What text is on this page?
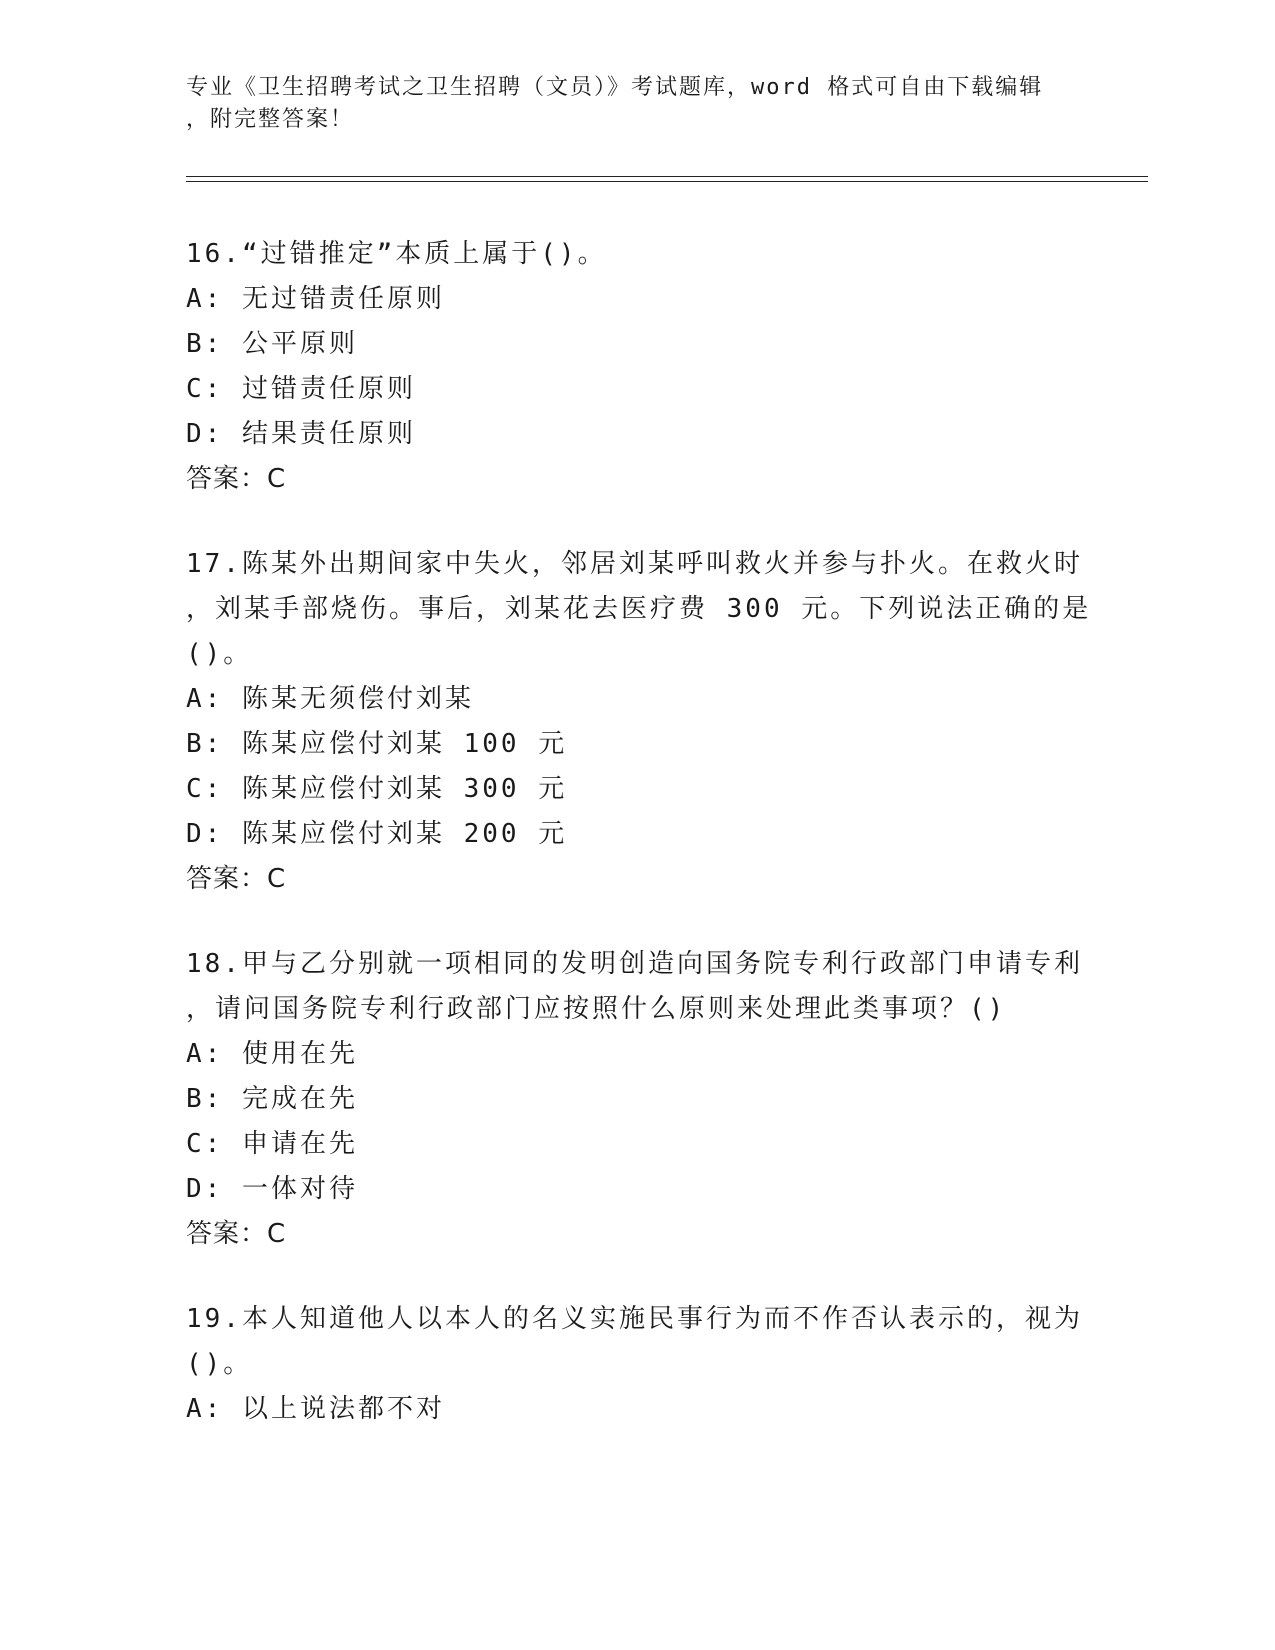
专业《卫生招聘考试之卫生招聘（文员）》考试题库，word 格式可自由下载编辑
，附完整答案！
16.“过错推定”本质上属于()。
A: 无过错责任原则
B: 公平原则
C: 过错责任原则
D: 结果责任原则
答案：C
17.陈某外出期间家中失火，邻居刘某呼叫救火并参与扑火。在救火时
，刘某手部烧伤。事后，刘某花去医疗费 300 元。下列说法正确的是
()。
A: 陈某无须偿付刘某
B: 陈某应偿付刘某 100 元
C: 陈某应偿付刘某 300 元
D: 陈某应偿付刘某 200 元
答案：C
18.甲与乙分别就一项相同的发明创造向国务院专利行政部门申请专利
，请问国务院专利行政部门应按照什么原则来处理此类事项？()
A: 使用在先
B: 完成在先
C: 申请在先
D: 一体对待
答案：C
19.本人知道他人以本人的名义实施民事行为而不作否认表示的，视为
()。
A: 以上说法都不对
